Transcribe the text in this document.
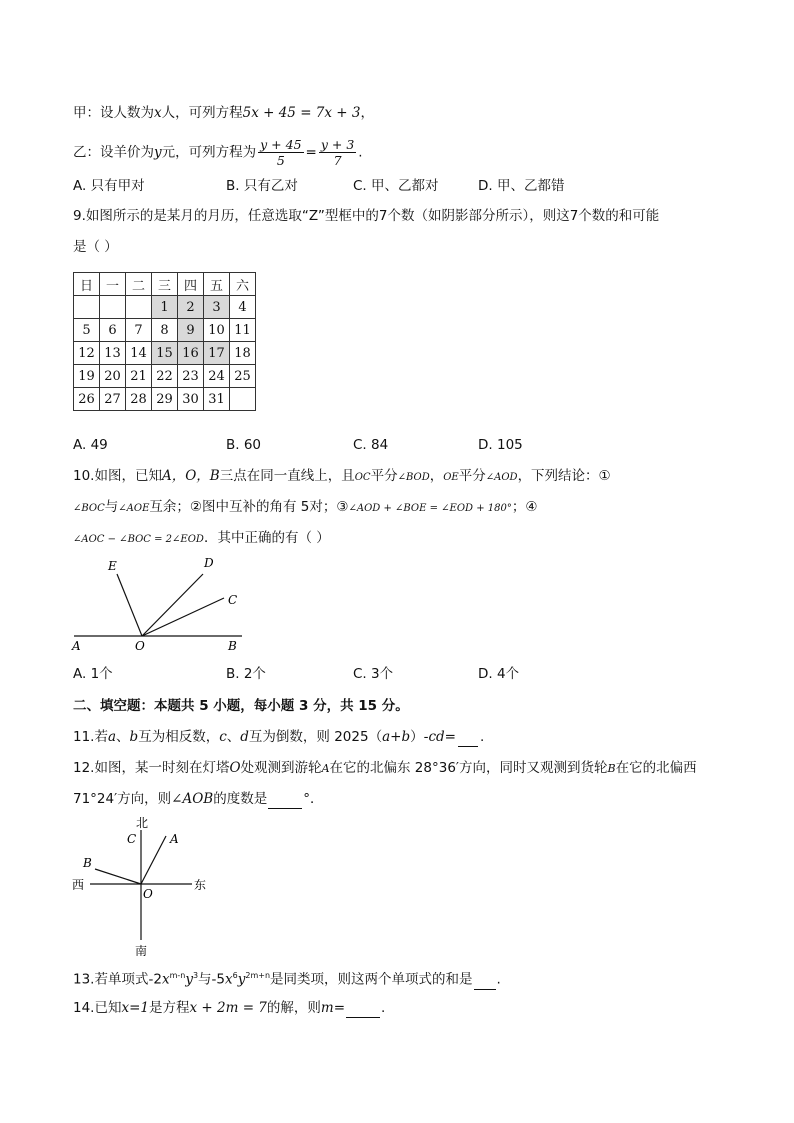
甲：设人数为x人，可列方程5x + 45 = 7x + 3，
乙：设羊价为y元，可列方程为 $\frac{y + 45}{5} = \frac{y + 3}{7}$ .
A. 只有甲对	B. 只有乙对	C. 甲、乙都对	D. 甲、乙都错
9.如图所示的是某月的月历，任意选取“Z”型框中的7个数（如阴影部分所示），则这7个数的和可能
是（ ）
日	一	二	三	四	五	六
			1	2	3	4
5	6	7	8	9	10	11
12	13	14	15	16	17	18
19	20	21	22	23	24	25
26	27	28	29	30	31	
A. 49	B. 60	C. 84	D. 105
10.如图，已知A，O，B三点在同一直线上，且OC平分∠BOD，OE平分∠AOD，下列结论：①
∠BOC与∠AOE互余；②图中互补的角有 5对；③∠AOD + ∠BOE = ∠EOD + 180°；④
∠AOC − ∠BOC = 2∠EOD．其中正确的有（ ）
E	D
C
A	O	B
A. 1个	B. 2个	C. 3个	D. 4个
二、填空题：本题共 5 小题，每小题 3 分，共 15 分。
11.若a、b互为相反数，c、d互为倒数，则 2025（a+b）-cd= .
12.如图，某一时刻在灯塔O处观测到游轮A在它的北偏东 28°36′方向，同时又观测到货轮B在它的北偏西
71°24′方向，则∠AOB的度数是	°．
北
C	A
B
西	东
O
南
13.若单项式$-2x^{m-n}y^3$与$-5x^6y^{2m+n}$是同类项，则这两个单项式的和是 .
14.已知x=1是方程x + 2m = 7的解，则m=	.
